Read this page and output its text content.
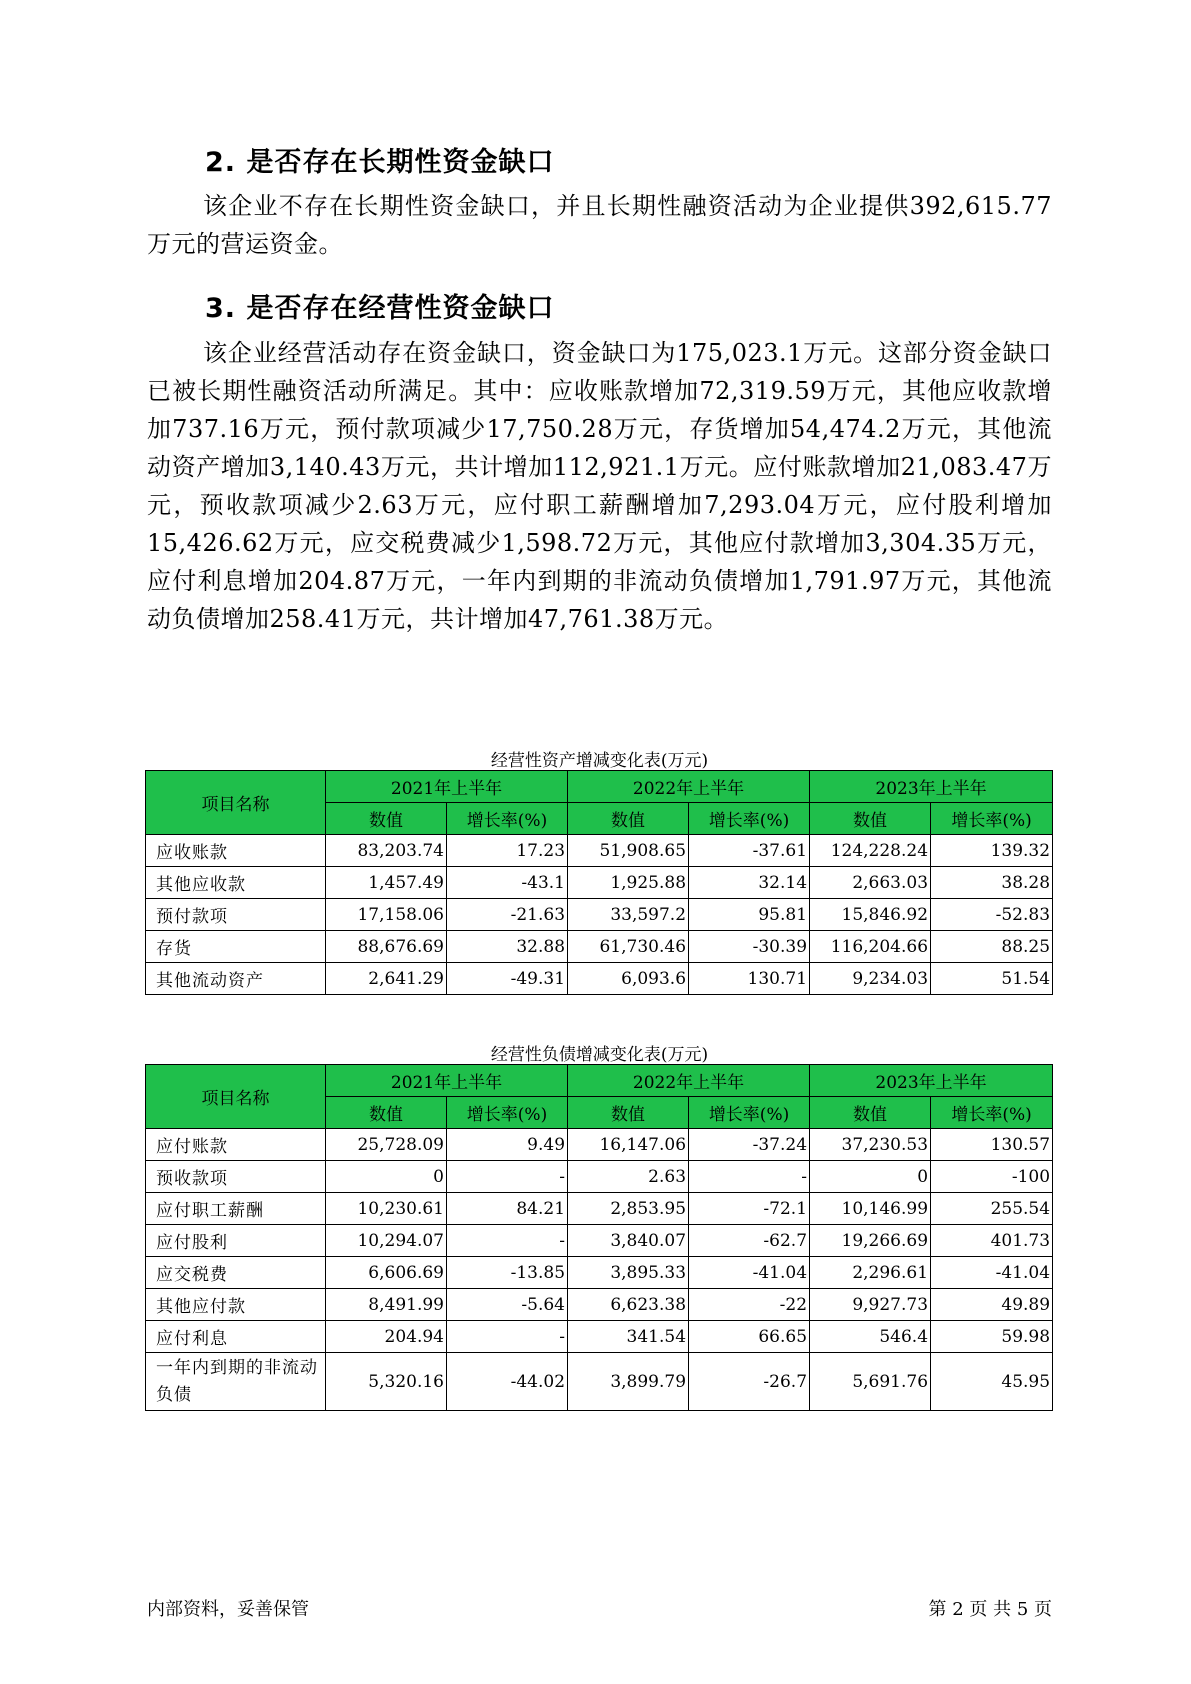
2. 是否存在长期性资金缺口

该企业不存在长期性资金缺口，并且长期性融资活动为企业提供392,615.77万元的营运资金。

3. 是否存在经营性资金缺口

该企业经营活动存在资金缺口，资金缺口为175,023.1万元。这部分资金缺口已被长期性融资活动所满足。其中：应收账款增加72,319.59万元，其他应收款增加737.16万元，预付款项减少17,750.28万元，存货增加54,474.2万元，其他流动资产增加3,140.43万元，共计增加112,921.1万元。应付账款增加21,083.47万元，预收款项减少2.63万元，应付职工薪酬增加7,293.04万元，应付股利增加15,426.62万元，应交税费减少1,598.72万元，其他应付款增加3,304.35万元，应付利息增加204.87万元，一年内到期的非流动负债增加1,791.97万元，其他流动负债增加258.41万元，共计增加47,761.38万元。

经营性资产增减变化表(万元)

项目名称	2021年上半年		2022年上半年		2023年上半年	
	数值	增长率(%)	数值	增长率(%)	数值	增长率(%)
应收账款	83,203.74	17.23	51,908.65	-37.61	124,228.24	139.32
其他应收款	1,457.49	-43.1	1,925.88	32.14	2,663.03	38.28
预付款项	17,158.06	-21.63	33,597.2	95.81	15,846.92	-52.83
存货	88,676.69	32.88	61,730.46	-30.39	116,204.66	88.25
其他流动资产	2,641.29	-49.31	6,093.6	130.71	9,234.03	51.54

经营性负债增减变化表(万元)

项目名称	2021年上半年		2022年上半年		2023年上半年	
	数值	增长率(%)	数值	增长率(%)	数值	增长率(%)
应付账款	25,728.09	9.49	16,147.06	-37.24	37,230.53	130.57
预收款项	0	-	2.63	-	0	-100
应付职工薪酬	10,230.61	84.21	2,853.95	-72.1	10,146.99	255.54
应付股利	10,294.07	-	3,840.07	-62.7	19,266.69	401.73
应交税费	6,606.69	-13.85	3,895.33	-41.04	2,296.61	-41.04
其他应付款	8,491.99	-5.64	6,623.38	-22	9,927.73	49.89
应付利息	204.94	-	341.54	66.65	546.4	59.98
一年内到期的非流动负债	5,320.16	-44.02	3,899.79	-26.7	5,691.76	45.95

内部资料，妥善保管	第 2 页 共 5 页
